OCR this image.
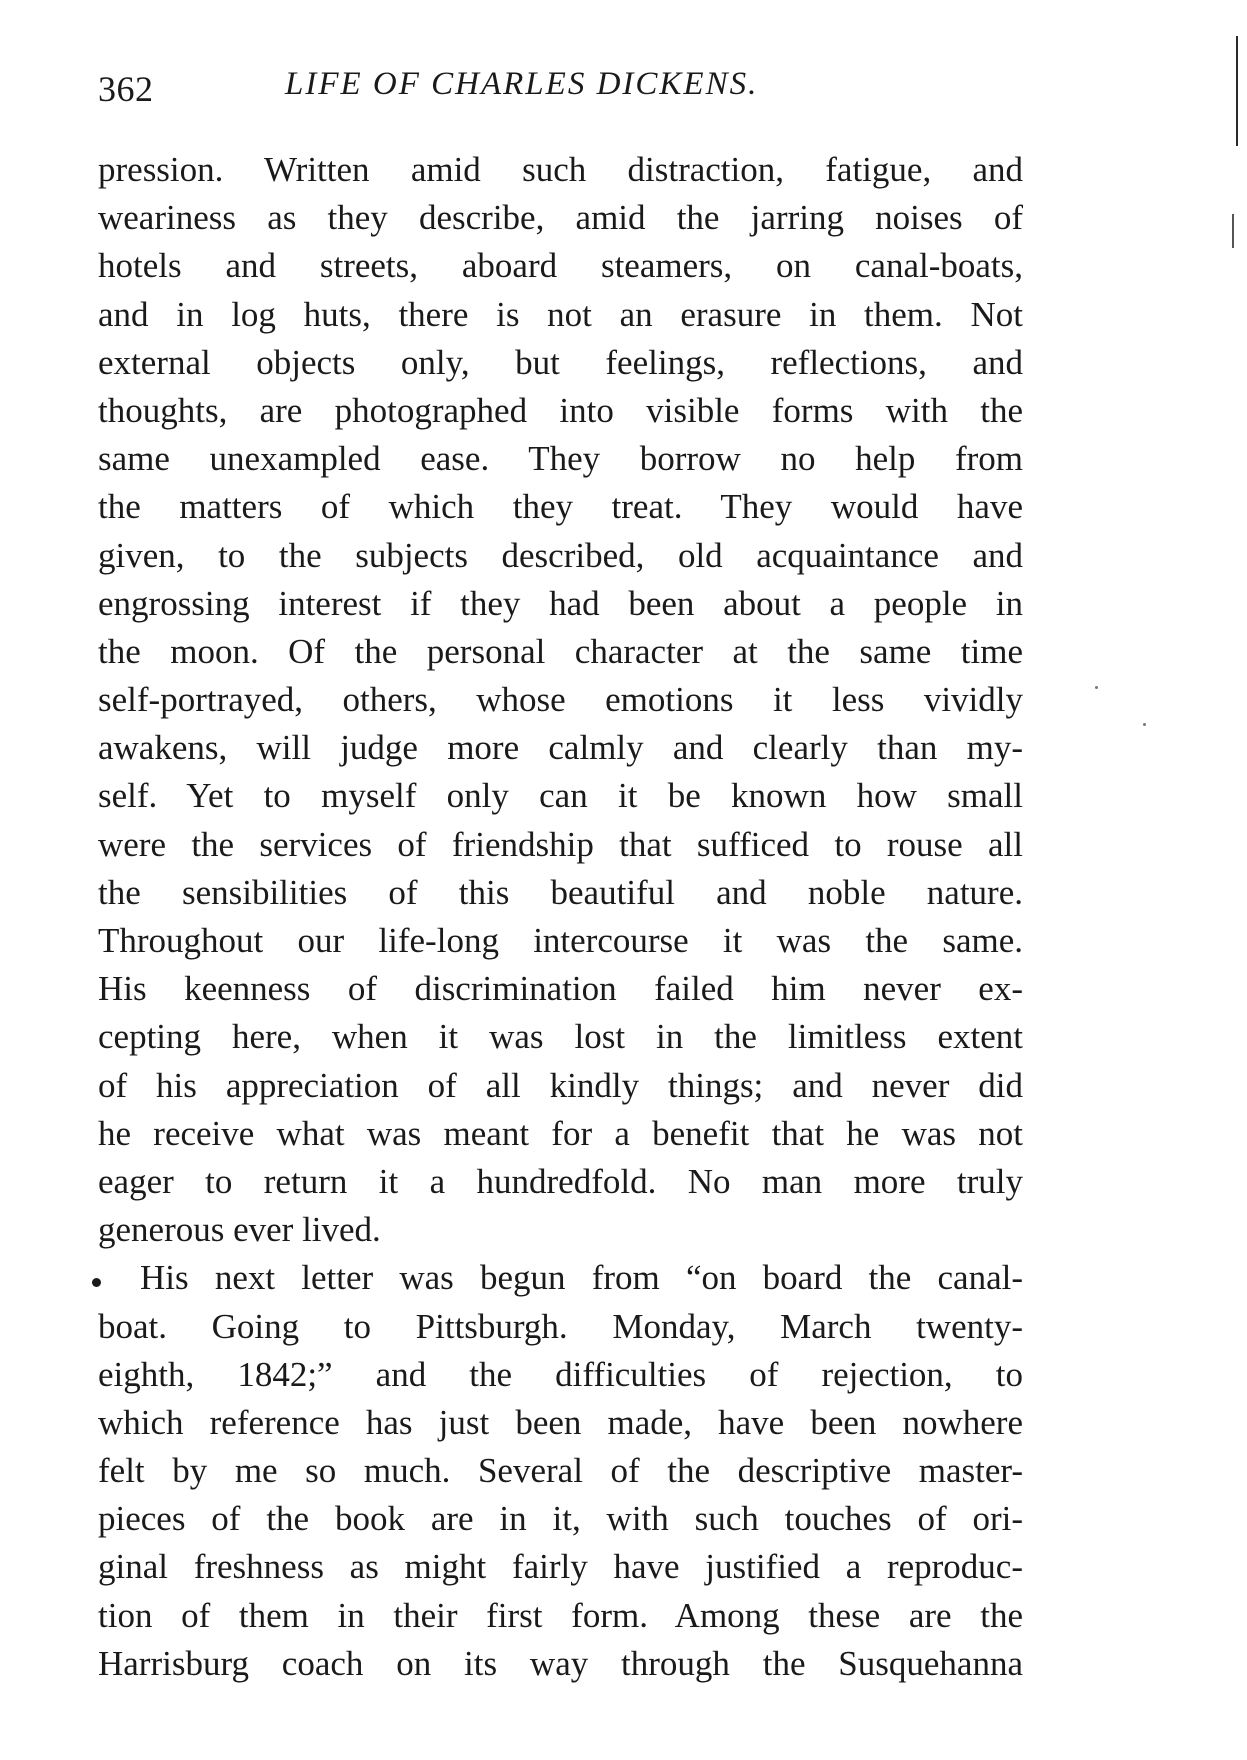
362	LIFE OF CHARLES DICKENS.
pression. Written amid such distraction, fatigue, and
weariness as they describe, amid the jarring noises of
hotels and streets, aboard steamers, on canal-boats,
and in log huts, there is not an erasure in them. Not
external objects only, but feelings, reflections, and
thoughts, are photographed into visible forms with the
same unexampled ease. They borrow no help from
the matters of which they treat. They would have
given, to the subjects described, old acquaintance and
engrossing interest if they had been about a people in
the moon. Of the personal character at the same time
self-portrayed, others, whose emotions it less vividly
awakens, will judge more calmly and clearly than my-
self. Yet to myself only can it be known how small
were the services of friendship that sufficed to rouse all
the sensibilities of this beautiful and noble nature.
Throughout our life-long intercourse it was the same.
His keenness of discrimination failed him never ex-
cepting here, when it was lost in the limitless extent
of his appreciation of all kindly things; and never did
he receive what was meant for a benefit that he was not
eager to return it a hundredfold. No man more truly
generous ever lived.
His next letter was begun from “on board the canal-
boat. Going to Pittsburgh. Monday, March twenty-
eighth, 1842;” and the difficulties of rejection, to
which reference has just been made, have been nowhere
felt by me so much. Several of the descriptive master-
pieces of the book are in it, with such touches of ori-
ginal freshness as might fairly have justified a reproduc-
tion of them in their first form. Among these are the
Harrisburg coach on its way through the Susquehanna
